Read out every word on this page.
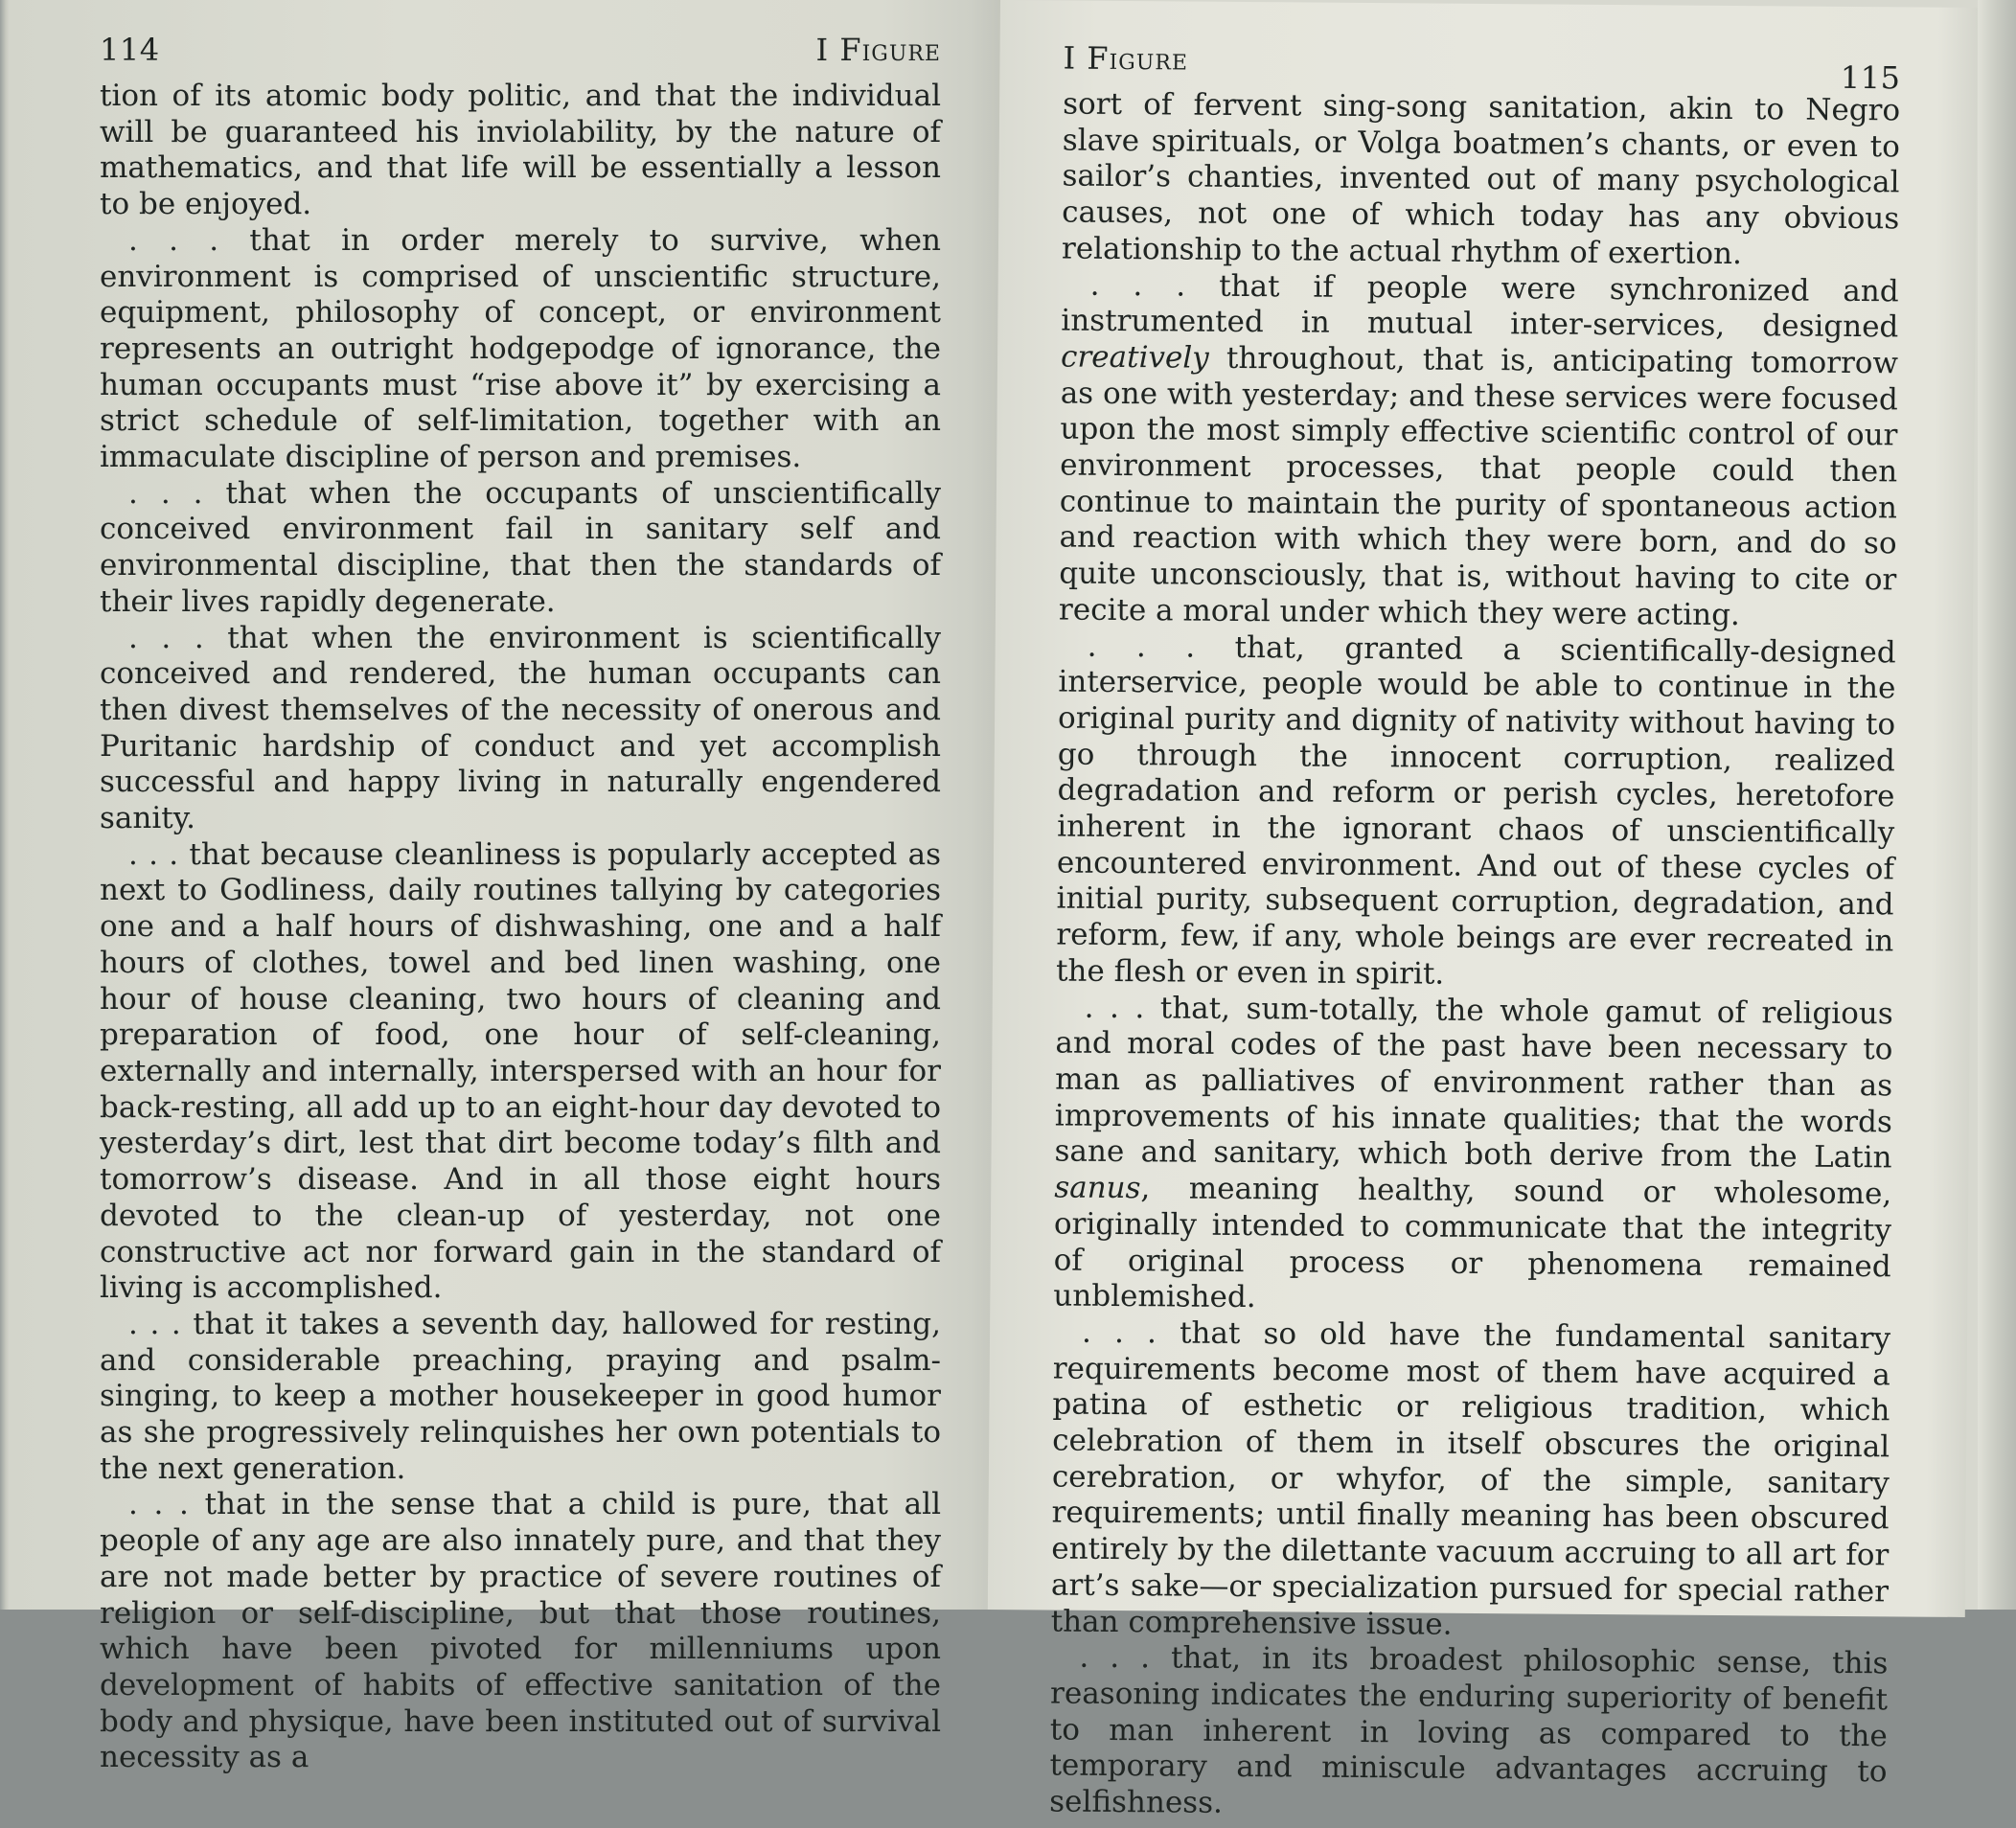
114	I Figure

tion of its atomic body politic, and that the individual will be guaranteed his inviolability, by the nature of mathematics, and that life will be essentially a lesson to be enjoyed.

. . . that in order merely to survive, when environment is comprised of unscientific structure, equipment, philosophy of concept, or environment represents an outright hodgepodge of ignorance, the human occupants must “rise above it” by exercising a strict schedule of self-limitation, together with an immaculate discipline of person and premises.

. . . that when the occupants of unscientifically conceived environment fail in sanitary self and environmental discipline, that then the standards of their lives rapidly degenerate.

. . . that when the environment is scientifically conceived and rendered, the human occupants can then divest themselves of the necessity of onerous and Puritanic hardship of conduct and yet accomplish successful and happy living in naturally engendered sanity.

. . . that because cleanliness is popularly accepted as next to Godliness, daily routines tallying by categories one and a half hours of dishwashing, one and a half hours of clothes, towel and bed linen washing, one hour of house cleaning, two hours of cleaning and preparation of food, one hour of self-cleaning, externally and internally, interspersed with an hour for back-resting, all add up to an eight-hour day devoted to yesterday’s dirt, lest that dirt become today’s filth and tomorrow’s disease. And in all those eight hours devoted to the clean-up of yesterday, not one constructive act nor forward gain in the standard of living is accomplished.

. . . that it takes a seventh day, hallowed for resting, and considerable preaching, praying and psalm-singing, to keep a mother housekeeper in good humor as she progressively relinquishes her own potentials to the next generation.

. . . that in the sense that a child is pure, that all people of any age are also innately pure, and that they are not made better by practice of severe routines of religion or self-discipline, but that those routines, which have been pivoted for millenniums upon development of habits of effective sanitation of the body and physique, have been instituted out of survival necessity as a

I Figure
115

sort of fervent sing-song sanitation, akin to Negro slave spirituals, or Volga boatmen’s chants, or even to sailor’s chanties, invented out of many psychological causes, not one of which today has any obvious relationship to the actual rhythm of exertion.

. . . that if people were synchronized and instrumented in mutual inter-services, designed creatively throughout, that is, anticipating tomorrow as one with yesterday; and these services were focused upon the most simply effective scientific control of our environment processes, that people could then continue to maintain the purity of spontaneous action and reaction with which they were born, and do so quite unconsciously, that is, without having to cite or recite a moral under which they were acting.

. . . that, granted a scientifically-designed interservice, people would be able to continue in the original purity and dignity of nativity without having to go through the innocent corruption, realized degradation and reform or perish cycles, heretofore inherent in the ignorant chaos of unscientifically encountered environment. And out of these cycles of initial purity, subsequent corruption, degradation, and reform, few, if any, whole beings are ever recreated in the flesh or even in spirit.

. . . that, sum-totally, the whole gamut of religious and moral codes of the past have been necessary to man as palliatives of environment rather than as improvements of his innate qualities; that the words sane and sanitary, which both derive from the Latin sanus, meaning healthy, sound or wholesome, originally intended to communicate that the integrity of original process or phenomena remained unblemished.

. . . that so old have the fundamental sanitary requirements become most of them have acquired a patina of esthetic or religious tradition, which celebration of them in itself obscures the original cerebration, or whyfor, of the simple, sanitary requirements; until finally meaning has been obscured entirely by the dilettante vacuum accruing to all art for art’s sake—or specialization pursued for special rather than comprehensive issue.

. . . that, in its broadest philosophic sense, this reasoning indicates the enduring superiority of benefit to man inherent in loving as compared to the temporary and miniscule advantages accruing to selfishness.
